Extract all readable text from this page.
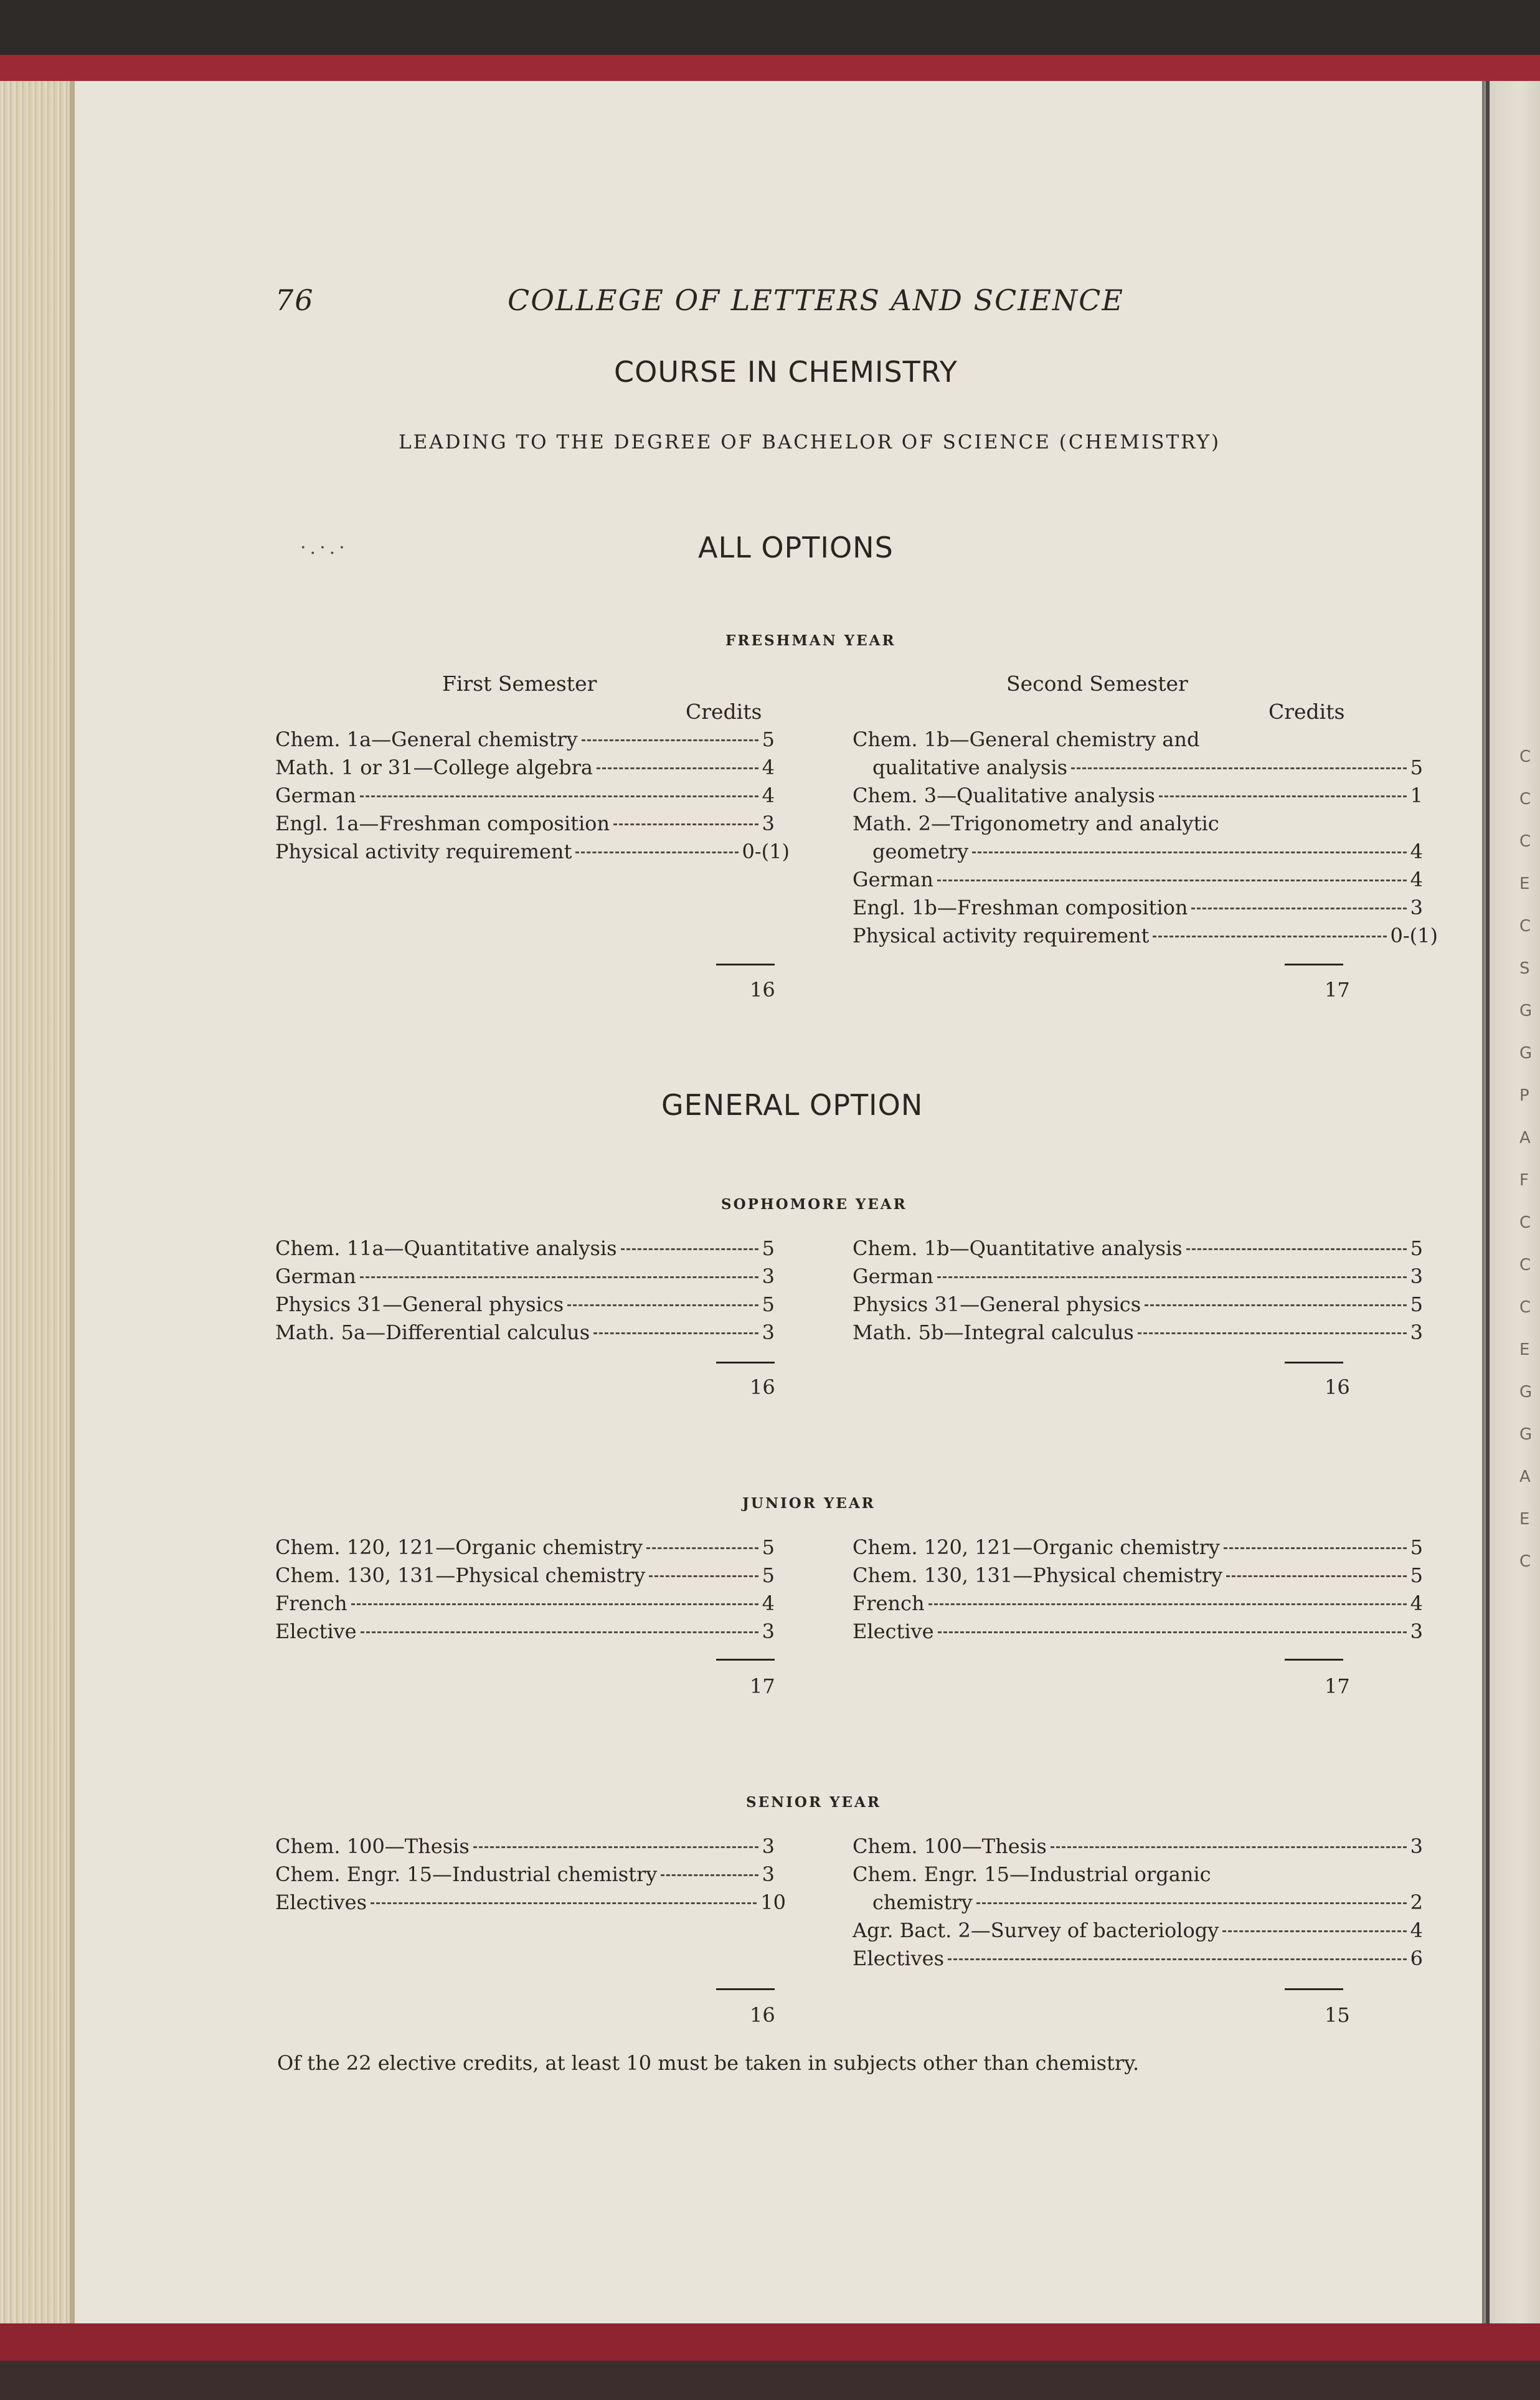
76	COLLEGE OF LETTERS AND SCIENCE
COURSE IN CHEMISTRY
LEADING TO THE DEGREE OF BACHELOR OF SCIENCE (CHEMISTRY)
·.·.·	ALL OPTIONS
FRESHMAN YEAR
First Semester	Second Semester
Credits	Credits
Chem. 1a—General chemistry	5
Math. 1 or 31—College algebra	4
German	4
Engl. 1a—Freshman composition	3
Physical activity requirement	0-(1)
Chem. 1b—General chemistry and
qualitative analysis	5
Chem. 3—Qualitative analysis	1
Math. 2—Trigonometry and analytic
geometry	4
German	4
Engl. 1b—Freshman composition	3
Physical activity requirement	0-(1)
16	17
GENERAL OPTION
SOPHOMORE YEAR
Chem. 11a—Quantitative analysis	5
German	3
Physics 31—General physics	5
Math. 5a—Differential calculus	3
Chem. 1b—Quantitative analysis	5
German	3
Physics 31—General physics	5
Math. 5b—Integral calculus	3
16	16
JUNIOR YEAR
Chem. 120, 121—Organic chemistry	5
Chem. 130, 131—Physical chemistry	5
French	4
Elective	3
Chem. 120, 121—Organic chemistry	5
Chem. 130, 131—Physical chemistry	5
French	4
Elective	3
17	17
SENIOR YEAR
Chem. 100—Thesis	3
Chem. Engr. 15—Industrial chemistry	3
Electives	10
Chem. 100—Thesis	3
Chem. Engr. 15—Industrial organic
chemistry	2
Agr. Bact. 2—Survey of bacteriology	4
Electives	6
16	15
Of the 22 elective credits, at least 10 must be taken in subjects other than chemistry.
C
C
C
E
C
S
G
G
P
A
F
C
C
C
E
G
G
A
E
C
